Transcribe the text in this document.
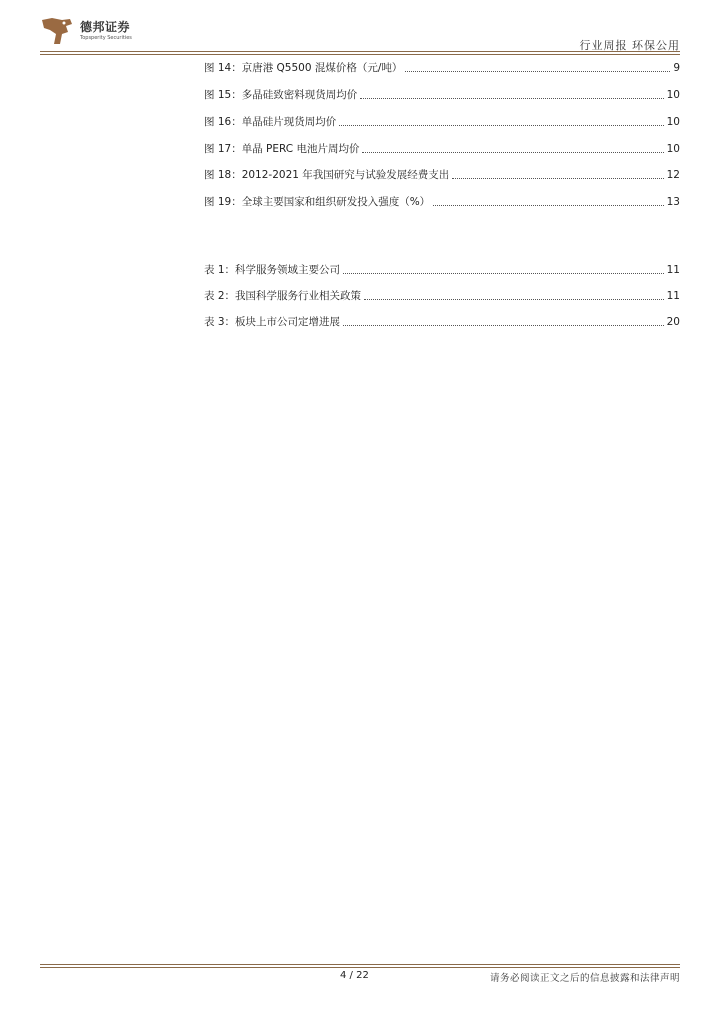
德邦证券
Topsperity Securities
行业周报 环保公用
图 14：京唐港 Q5500 混煤价格（元/吨）	9
图 15：多晶硅致密料现货周均价	10
图 16：单晶硅片现货周均价	10
图 17：单晶 PERC 电池片周均价	10
图 18：2012-2021 年我国研究与试验发展经费支出	12
图 19：全球主要国家和组织研发投入强度（%）	13
表 1：科学服务领域主要公司	11
表 2：我国科学服务行业相关政策	11
表 3：板块上市公司定增进展	20
4 / 22	请务必阅读正文之后的信息披露和法律声明
